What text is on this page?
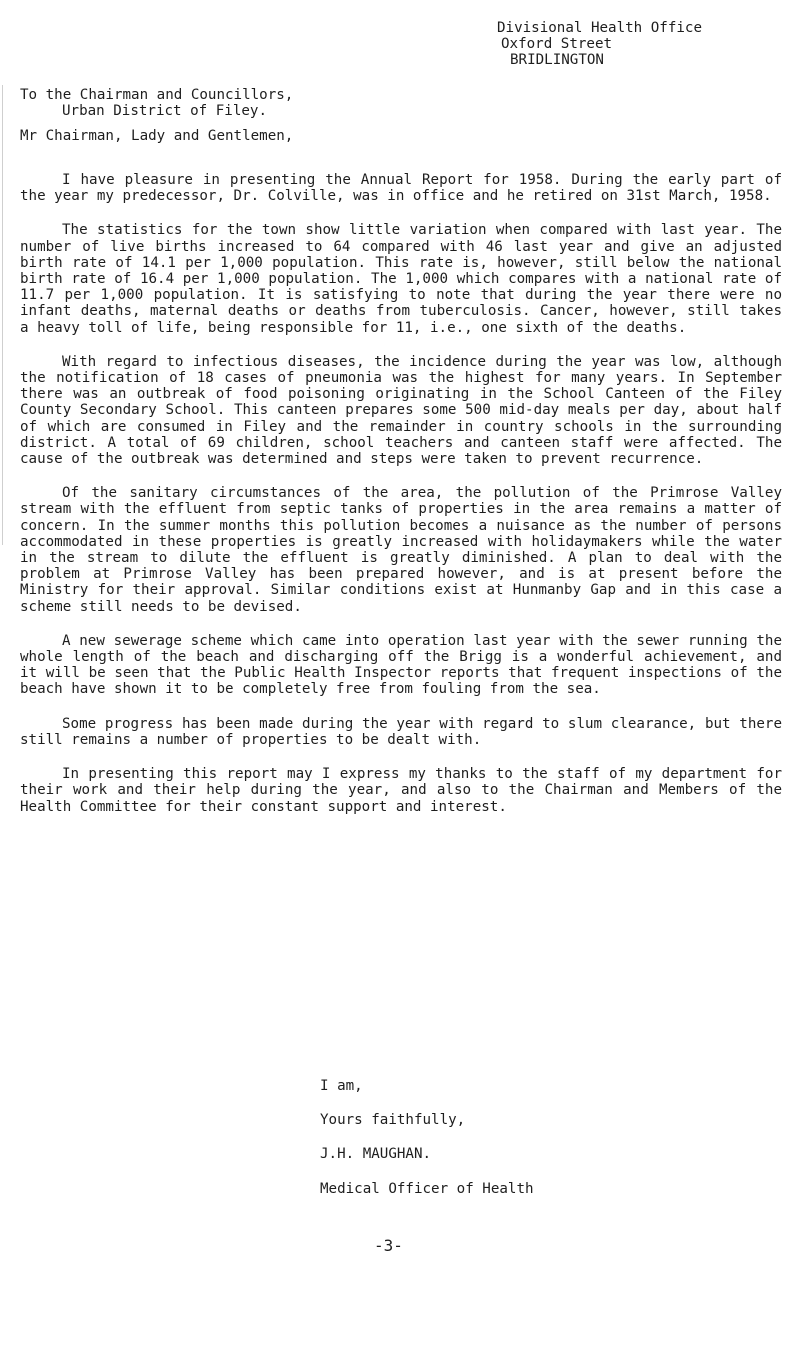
Divisional Health Office
Oxford Street
BRIDLINGTON
To the Chairman and Councillors,
Urban District of Filey.
Mr Chairman, Lady and Gentlemen,

I have pleasure in presenting the Annual Report for 1958. During the early part of the year my predecessor, Dr. Colville, was in office and he retired on 31st March, 1958.

The statistics for the town show little variation when compared with last year. The number of live births increased to 64 compared with 46 last year and give an adjusted birth rate of 14.1 per 1,000 population. This rate is, however, still below the national birth rate of 16.4 per 1,000 population. The 1,000 which compares with a national rate of 11.7 per 1,000 population. It is satisfying to note that during the year there were no infant deaths, maternal deaths or deaths from tuberculosis. Cancer, however, still takes a heavy toll of life, being responsible for 11, i.e., one sixth of the deaths.

With regard to infectious diseases, the incidence during the year was low, although the notification of 18 cases of pneumonia was the highest for many years. In September there was an outbreak of food poisoning originating in the School Canteen of the Filey County Secondary School. This canteen prepares some 500 mid-day meals per day, about half of which are consumed in Filey and the remainder in country schools in the surrounding district. A total of 69 children, school teachers and canteen staff were affected. The cause of the outbreak was determined and steps were taken to prevent recurrence.

Of the sanitary circumstances of the area, the pollution of the Primrose Valley stream with the effluent from septic tanks of properties in the area remains a matter of concern. In the summer months this pollution becomes a nuisance as the number of persons accommodated in these properties is greatly increased with holidaymakers while the water in the stream to dilute the effluent is greatly diminished. A plan to deal with the problem at Primrose Valley has been prepared however, and is at present before the Ministry for their approval. Similar conditions exist at Hunmanby Gap and in this case a scheme still needs to be devised.

A new sewerage scheme which came into operation last year with the sewer running the whole length of the beach and discharging off the Brigg is a wonderful achievement, and it will be seen that the Public Health Inspector reports that frequent inspections of the beach have shown it to be completely free from fouling from the sea.

Some progress has been made during the year with regard to slum clearance, but there still remains a number of properties to be dealt with.

In presenting this report may I express my thanks to the staff of my department for their work and their help during the year, and also to the Chairman and Members of the Health Committee for their constant support and interest.

I am,
Yours faithfully,
J.H. MAUGHAN.
Medical Officer of Health
-3-
